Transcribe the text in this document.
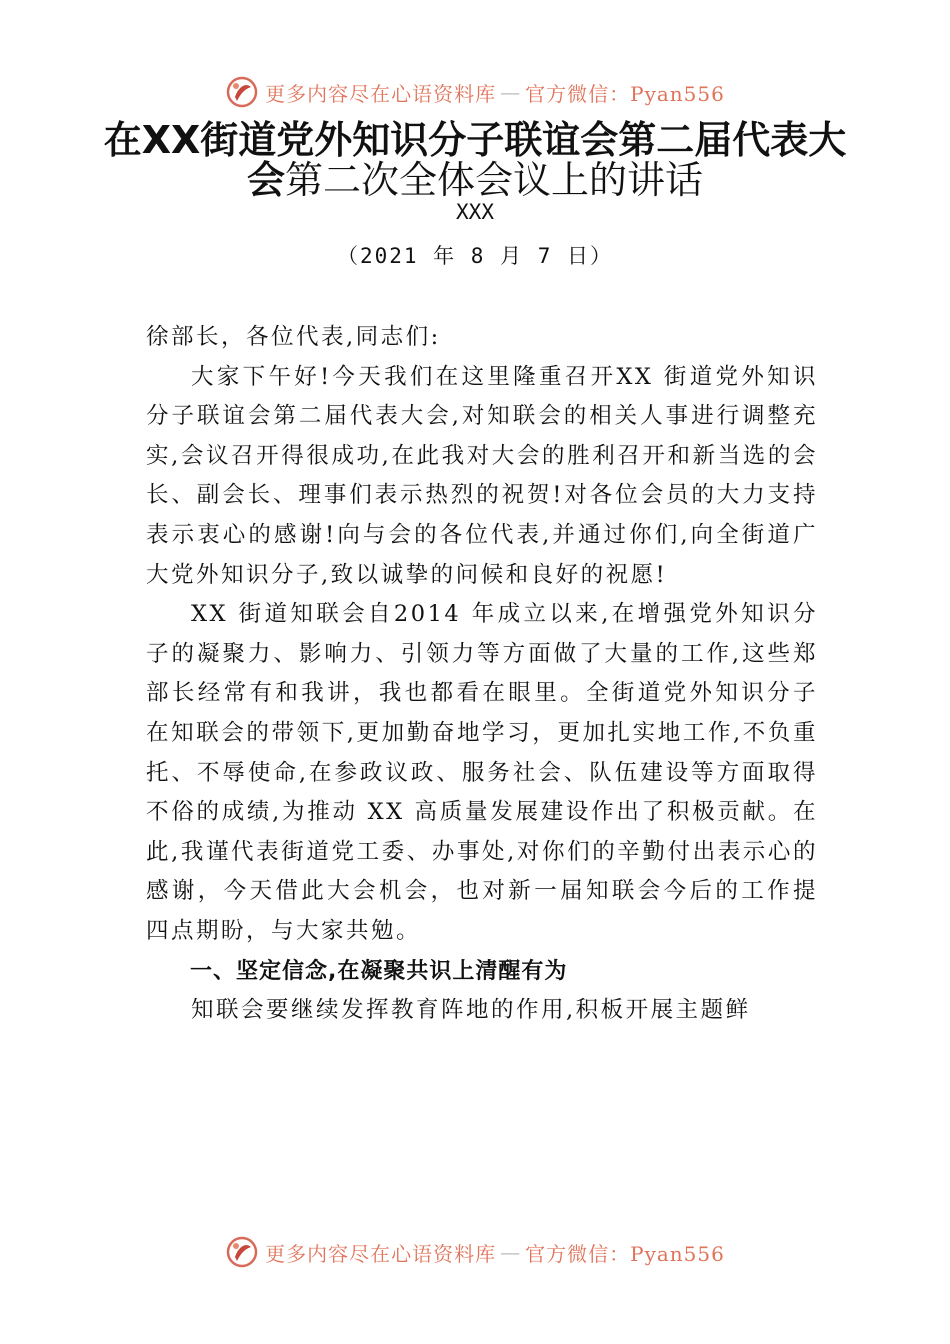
更多内容尽在心语资料库 — 官方微信：Pyan556
在XX街道党外知识分子联谊会第二届代表大会第二次全体会议上的讲话
XXX
（2021 年 8 月 7 日）

徐部长，各位代表,同志们:

大家下午好!今天我们在这里隆重召开XX 街道党外知识分子联谊会第二届代表大会,对知联会的相关人事进行调整充实,会议召开得很成功,在此我对大会的胜利召开和新当选的会长、副会长、理事们表示热烈的祝贺!对各位会员的大力支持表示衷心的感谢!向与会的各位代表,并通过你们,向全街道广大党外知识分子,致以诚挚的问候和良好的祝愿!

XX 街道知联会自2014 年成立以来,在增强党外知识分子的凝聚力、影响力、引领力等方面做了大量的工作,这些郑部长经常有和我讲，我也都看在眼里。全街道党外知识分子在知联会的带领下,更加勤奋地学习，更加扎实地工作,不负重托、不辱使命,在参政议政、服务社会、队伍建设等方面取得不俗的成绩,为推动 XX 高质量发展建设作出了积极贡献。在此,我谨代表街道党工委、办事处,对你们的辛勤付出表示心的感谢，今天借此大会机会，也对新一届知联会今后的工作提四点期盼，与大家共勉。

一、坚定信念,在凝聚共识上清醒有为

知联会要继续发挥教育阵地的作用,积板开展主题鲜

更多内容尽在心语资料库 — 官方微信：Pyan556
